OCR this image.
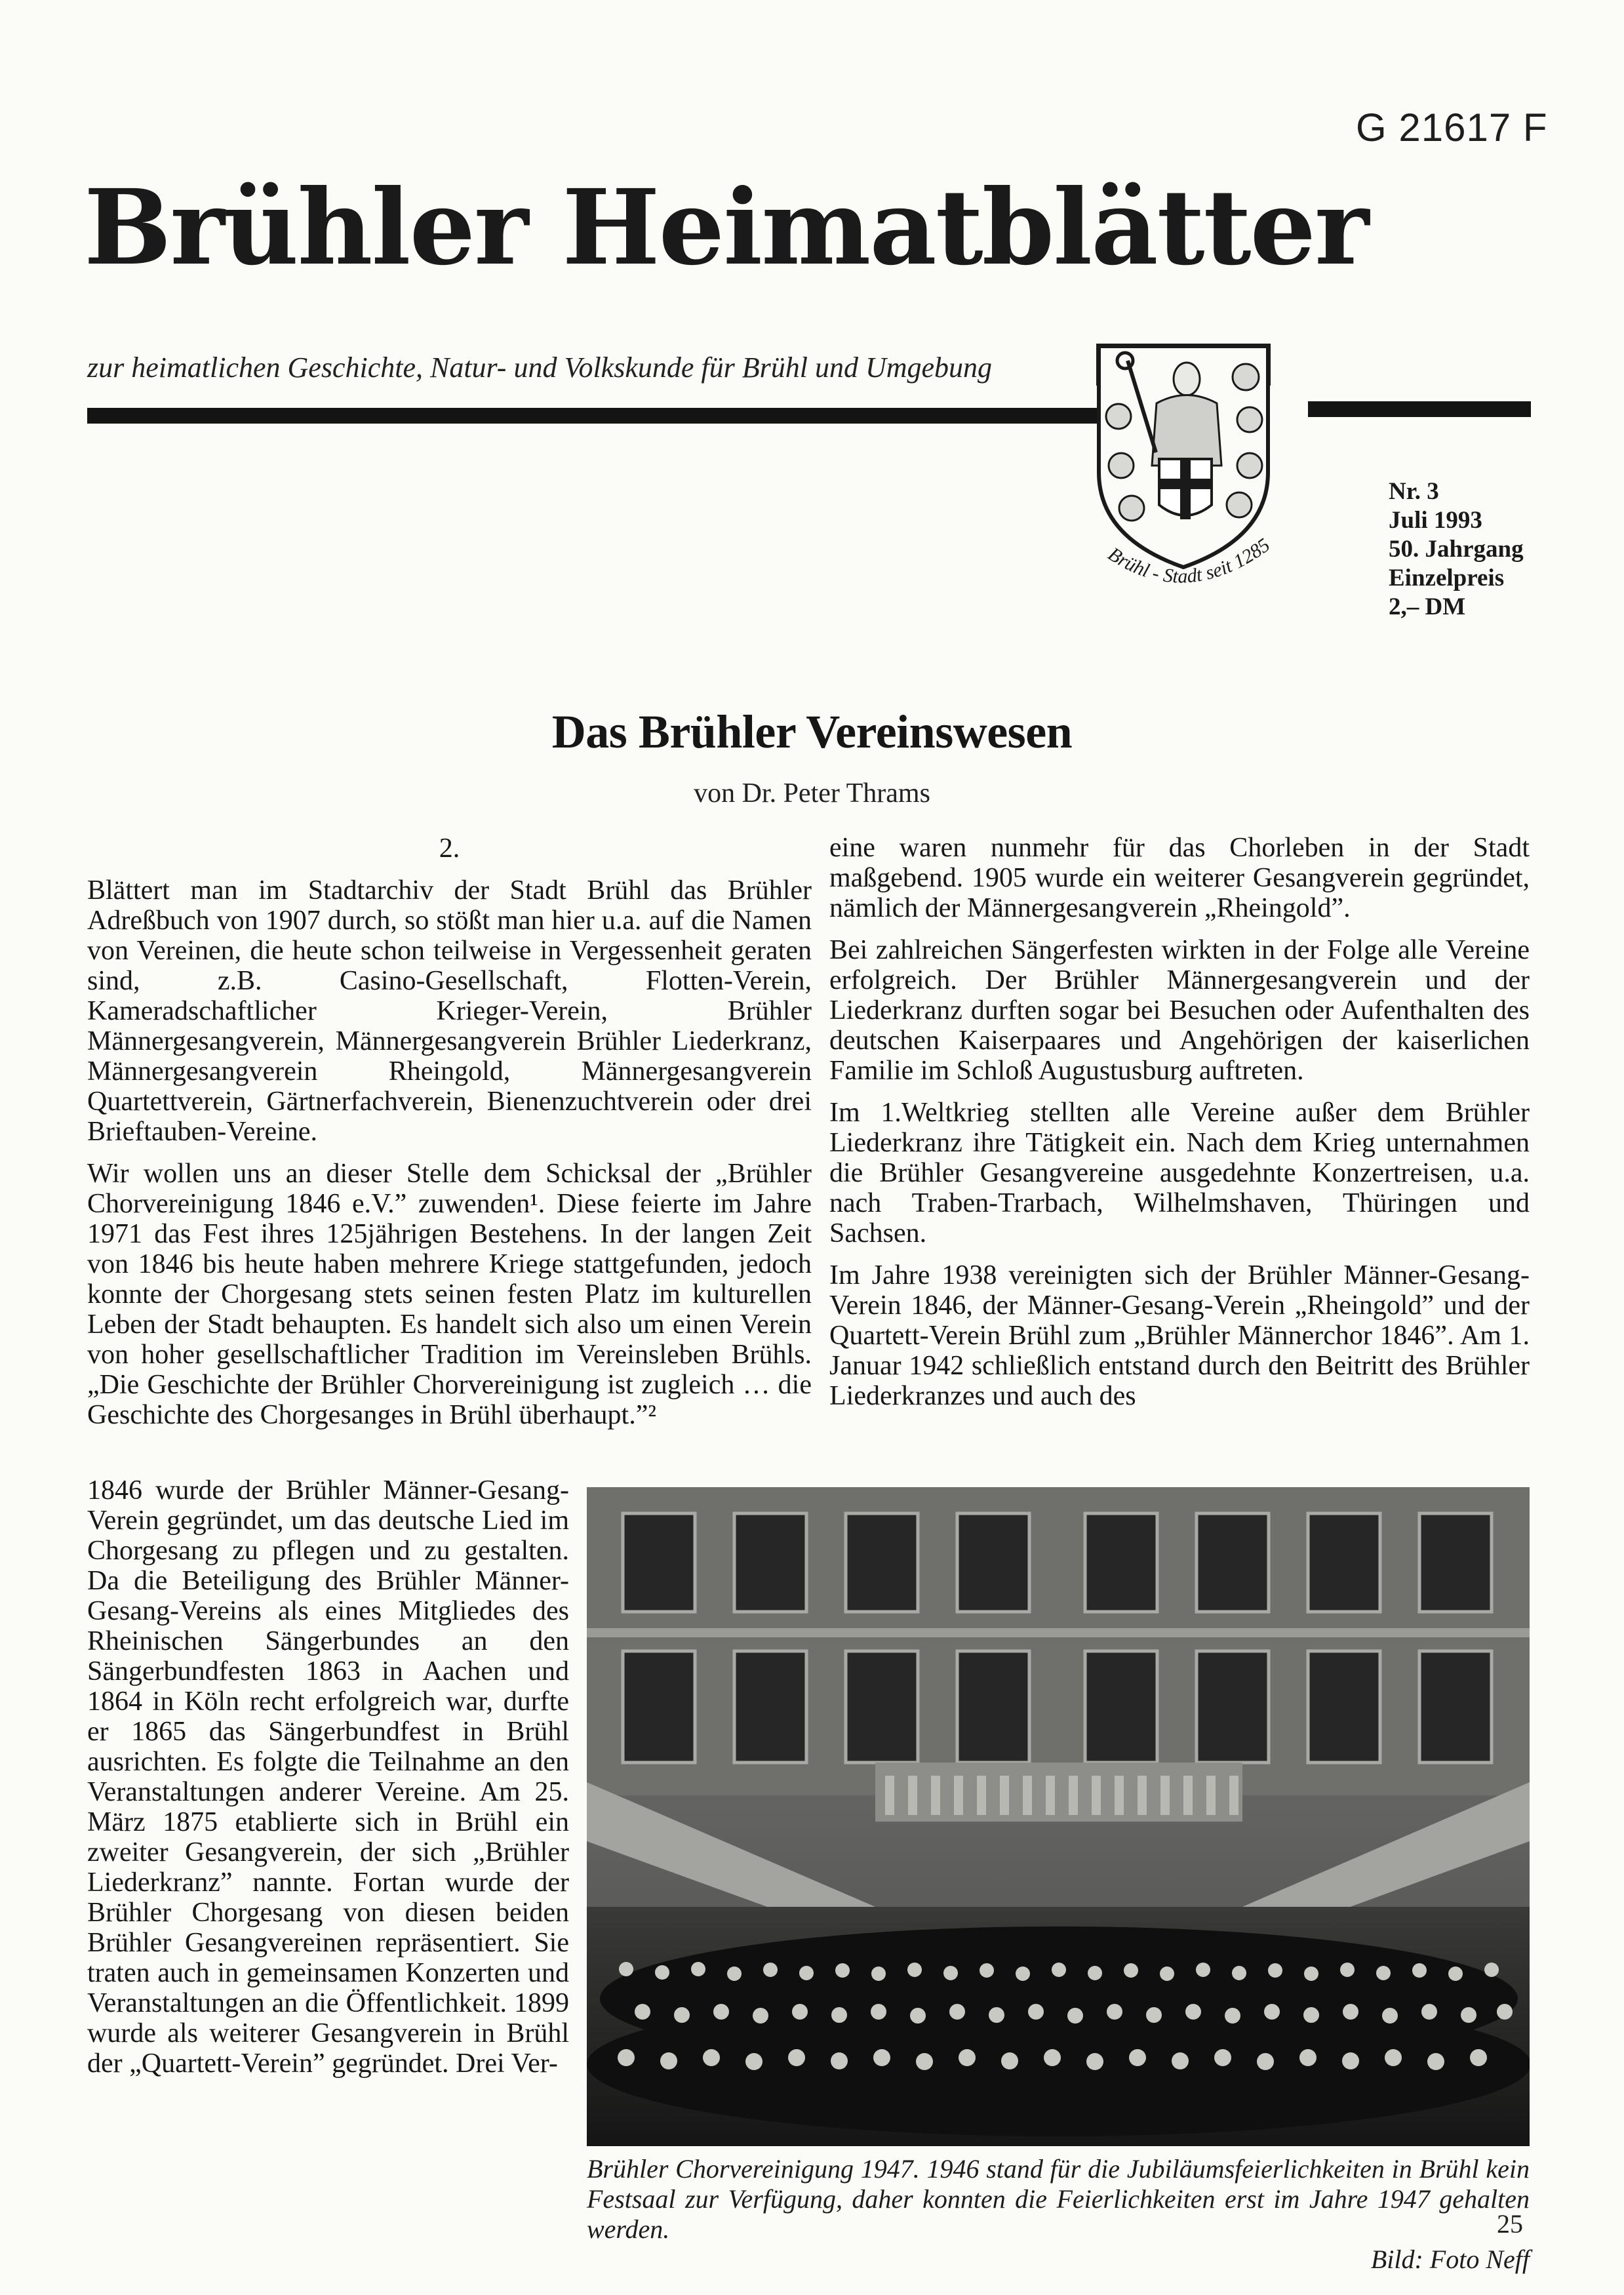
G 21617 F
Brühler Heimatblätter
zur heimatlichen Geschichte, Natur- und Volkskunde für Brühl und Umgebung
Brühl - Stadt seit 1285
Nr. 3
Juli 1993
50. Jahrgang
Einzelpreis
2,– DM
Das Brühler Vereinswesen
von Dr. Peter Thrams
2.

Blättert man im Stadtarchiv der Stadt Brühl das Brühler Adreßbuch von 1907 durch, so stößt man hier u.a. auf die Namen von Vereinen, die heute schon teilweise in Vergessenheit geraten sind, z.B. Casino-Gesellschaft, Flotten-Verein, Kameradschaftlicher Krieger-Verein, Brühler Männergesangverein, Männergesangverein Brühler Liederkranz, Männergesangverein Rheingold, Männergesangverein Quartettverein, Gärtnerfachverein, Bienenzuchtverein oder drei Brieftauben-Vereine.

Wir wollen uns an dieser Stelle dem Schicksal der „Brühler Chorvereinigung 1846 e.V.” zuwenden¹. Diese feierte im Jahre 1971 das Fest ihres 125jährigen Bestehens. In der langen Zeit von 1846 bis heute haben mehrere Kriege stattgefunden, jedoch konnte der Chorgesang stets seinen festen Platz im kulturellen Leben der Stadt behaupten. Es handelt sich also um einen Verein von hoher gesellschaftlicher Tradition im Vereinsleben Brühls. „Die Geschichte der Brühler Chorvereinigung ist zugleich … die Geschichte des Chorgesanges in Brühl überhaupt.”²

1846 wurde der Brühler Männer-Gesang-Verein gegründet, um das deutsche Lied im Chorgesang zu pflegen und zu gestalten. Da die Beteiligung des Brühler Männer-Gesang-Vereins als eines Mitgliedes des Rheinischen Sängerbundes an den Sängerbundfesten 1863 in Aachen und 1864 in Köln recht erfolgreich war, durfte er 1865 das Sängerbundfest in Brühl ausrichten. Es folgte die Teilnahme an den Veranstaltungen anderer Vereine. Am 25. März 1875 etablierte sich in Brühl ein zweiter Gesangverein, der sich „Brühler Liederkranz” nannte. Fortan wurde der Brühler Chorgesang von diesen beiden Brühler Gesangvereinen repräsentiert. Sie traten auch in gemeinsamen Konzerten und Veranstaltungen an die Öffentlichkeit. 1899 wurde als weiterer Gesangverein in Brühl der „Quartett-Verein” gegründet. Drei Ver-

eine waren nunmehr für das Chorleben in der Stadt maßgebend. 1905 wurde ein weiterer Gesangverein gegründet, nämlich der Männergesangverein „Rheingold”.

Bei zahlreichen Sängerfesten wirkten in der Folge alle Vereine erfolgreich. Der Brühler Männergesangverein und der Liederkranz durften sogar bei Besuchen oder Aufenthalten des deutschen Kaiserpaares und Angehörigen der kaiserlichen Familie im Schloß Augustusburg auftreten.

Im 1.Weltkrieg stellten alle Vereine außer dem Brühler Liederkranz ihre Tätigkeit ein. Nach dem Krieg unternahmen die Brühler Gesangvereine ausgedehnte Konzertreisen, u.a. nach Traben-Trarbach, Wilhelmshaven, Thüringen und Sachsen.

Im Jahre 1938 vereinigten sich der Brühler Männer-Gesang-Verein 1846, der Männer-Gesang-Verein „Rheingold” und der Quartett-Verein Brühl zum „Brühler Männerchor 1846”. Am 1. Januar 1942 schließlich entstand durch den Beitritt des Brühler Liederkranzes und auch des

Brühler Chorvereinigung 1947. 1946 stand für die Jubiläumsfeierlichkeiten in Brühl kein Festsaal zur Verfügung, daher konnten die Feierlichkeiten erst im Jahre 1947 gehalten werden.
Bild: Foto Neff
25
